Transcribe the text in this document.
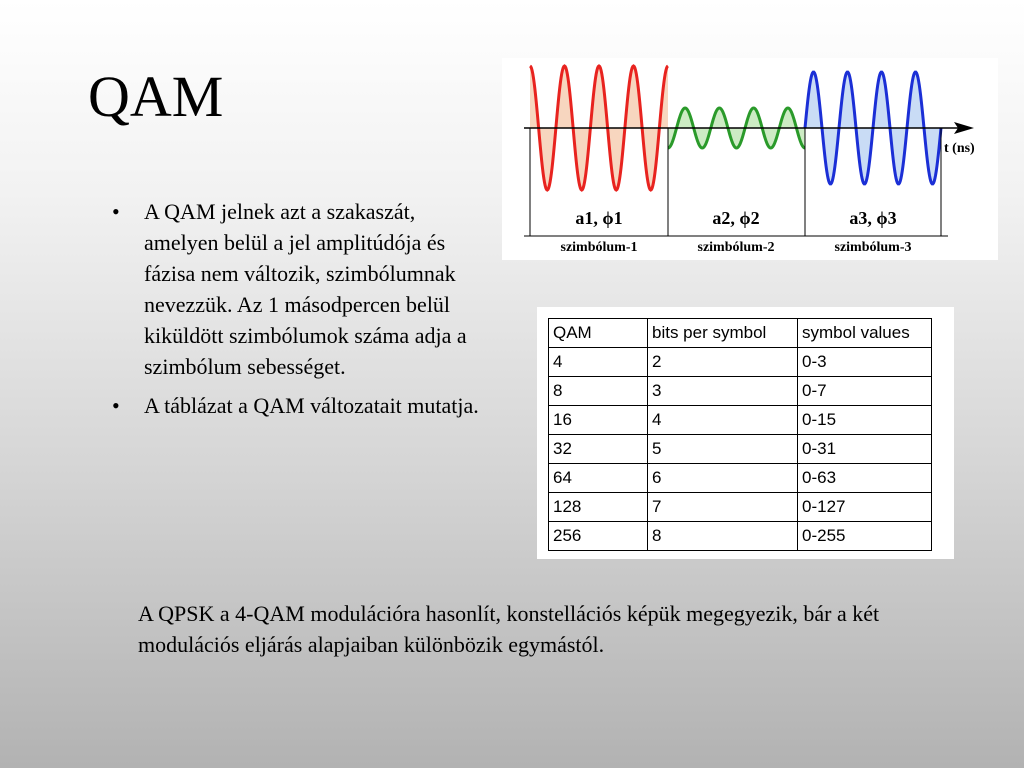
QAM
• A QAM jelnek azt a szakaszát, amelyen belül a jel amplitúdója és fázisa nem változik, szimbólumnak nevezzük. Az 1 másodpercen belül kiküldött szimbólumok száma adja a szimbólum sebességet.
• A táblázat a QAM változatait mutatja.
t (ns)
a1, ϕ1	a2, ϕ2	a3, ϕ3
szimbólum-1	szimbólum-2	szimbólum-3
QAM	bits per symbol	symbol values
4	2	0-3
8	3	0-7
16	4	0-15
32	5	0-31
64	6	0-63
128	7	0-127
256	8	0-255

A QPSK a 4-QAM modulációra hasonlít, konstellációs képük megegyezik, bár a két modulációs eljárás alapjaiban különbözik egymástól.
